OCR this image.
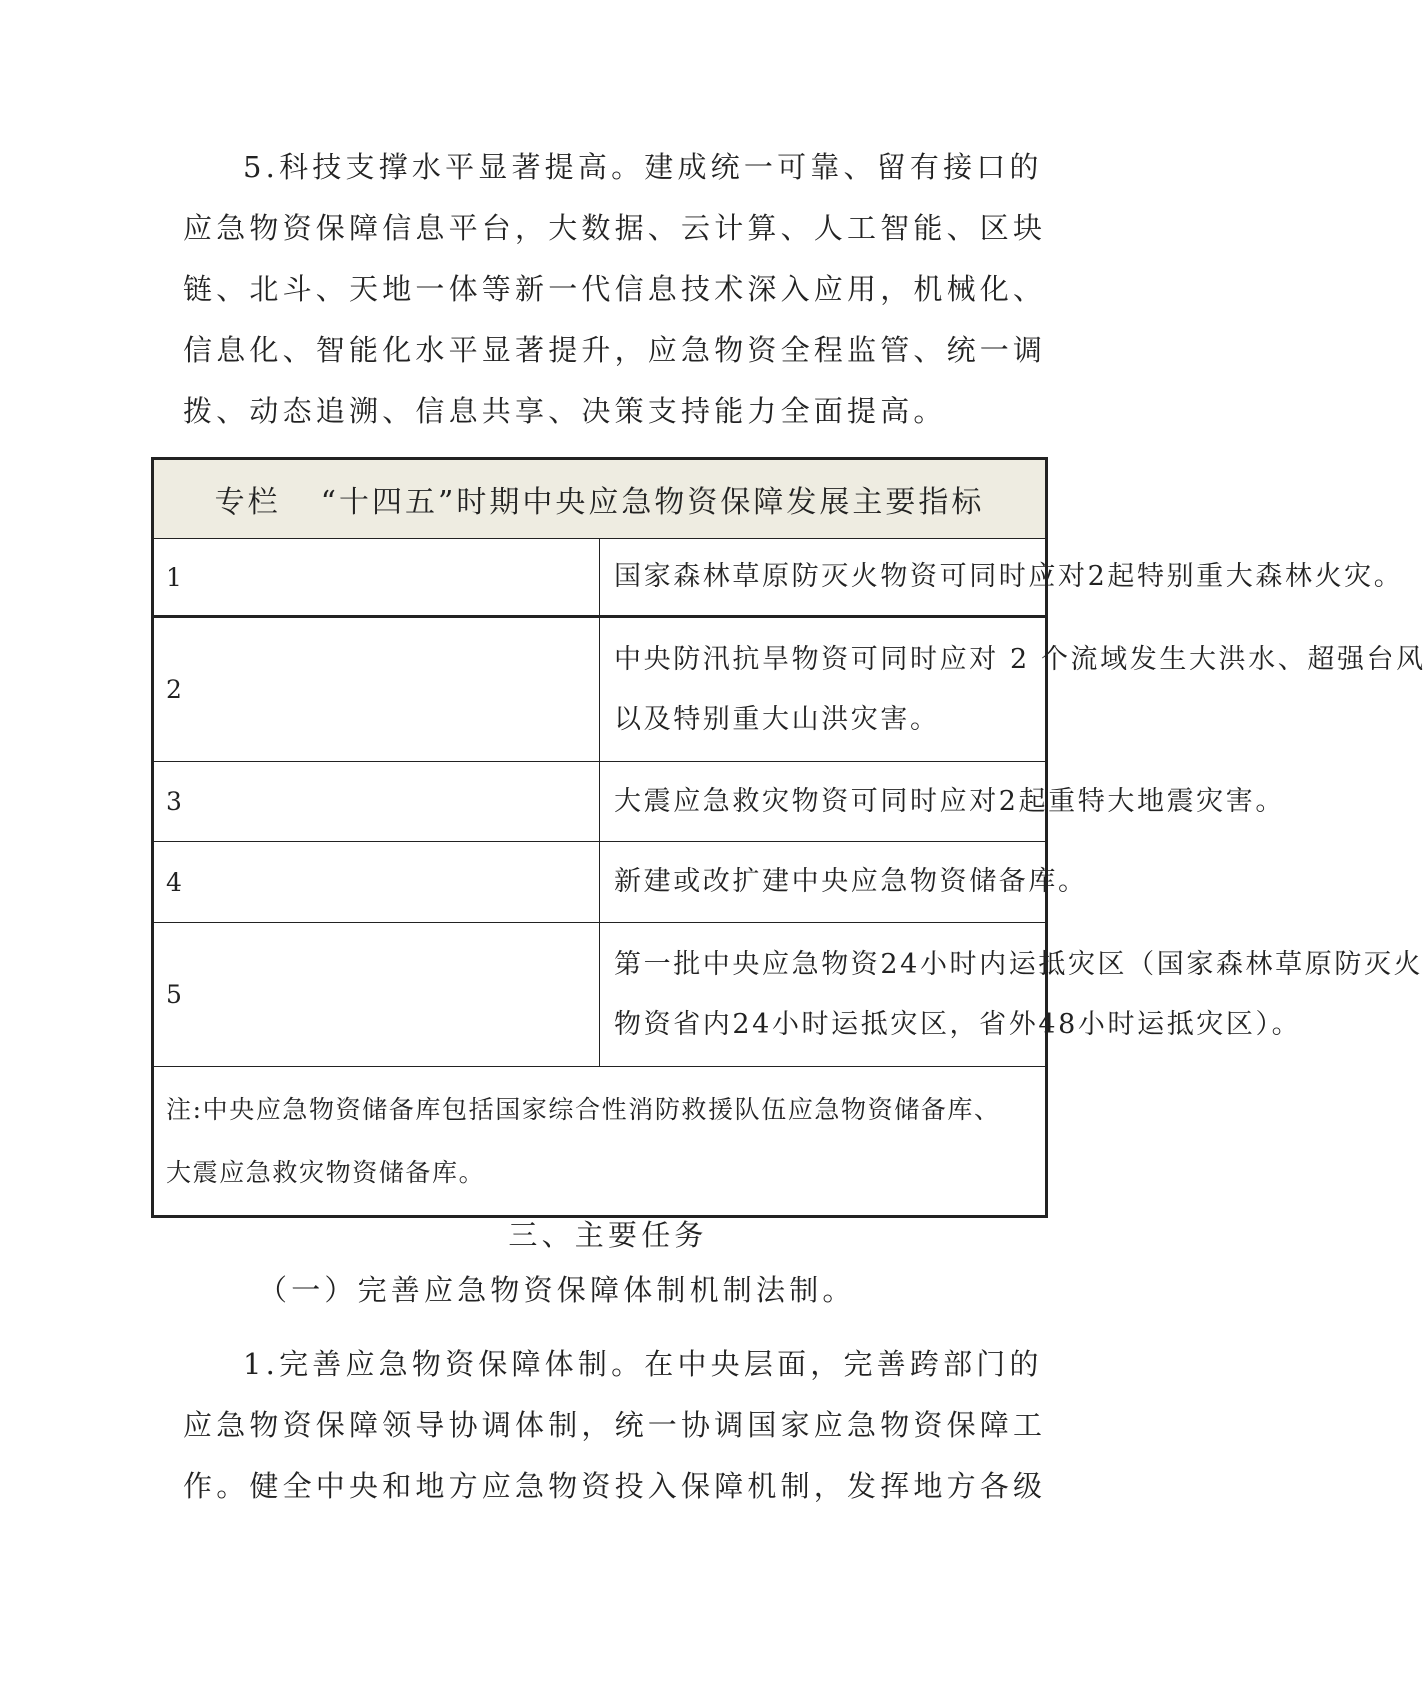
5.科技支撑水平显著提高。建成统一可靠、留有接口的
应急物资保障信息平台，大数据、云计算、人工智能、区块
链、北斗、天地一体等新一代信息技术深入应用，机械化、
信息化、智能化水平显著提升，应急物资全程监管、统一调
拨、动态追溯、信息共享、决策支持能力全面提高。
专栏 “十四五”时期中央应急物资保障发展主要指标	
1	国家森林草原防灭火物资可同时应对2起特别重大森林火灾。

2	中央防汛抗旱物资可同时应对 2 个流域发生大洪水、超强台风
以及特别重大山洪灾害。

3	大震应急救灾物资可同时应对2起重特大地震灾害。

4	新建或改扩建中央应急物资储备库。

5	第一批中央应急物资24小时内运抵灾区（国家森林草原防灭火
物资省内24小时运抵灾区，省外48小时运抵灾区）。

注:中央应急物资储备库包括国家综合性消防救援队伍应急物资储备库、
大震应急救灾物资储备库。	
三、主要任务
（一）完善应急物资保障体制机制法制。
1.完善应急物资保障体制。在中央层面，完善跨部门的
应急物资保障领导协调体制，统一协调国家应急物资保障工
作。健全中央和地方应急物资投入保障机制，发挥地方各级
